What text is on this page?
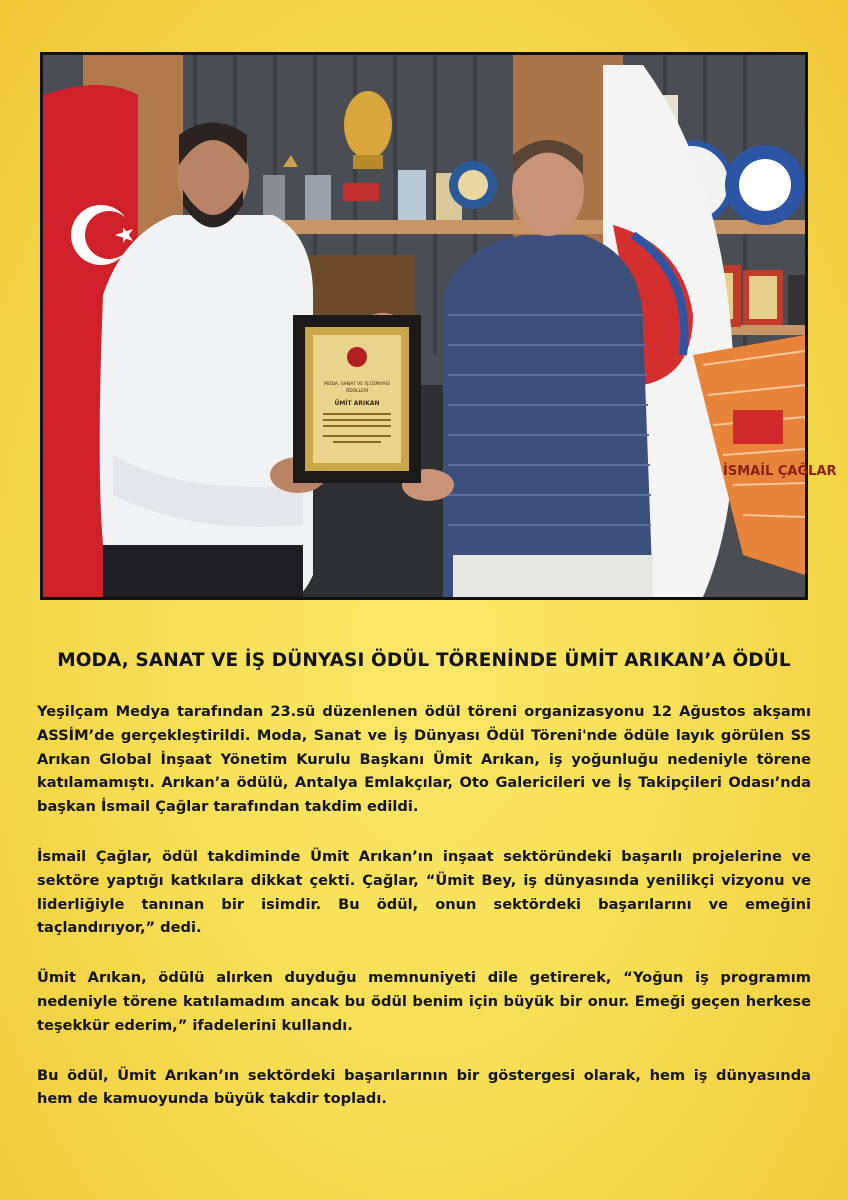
İSMAİL ÇAĞLAR
MODA, SANAT VE İŞ DÜNYASI
ÖDÜLLERİ
ÜMİT ARIKAN
MODA, SANAT VE İŞ DÜNYASI ÖDÜL TÖRENİNDE ÜMİT ARIKAN’A ÖDÜL

Yeşilçam Medya tarafından 23.sü düzenlenen ödül töreni organizasyonu 12 Ağustos akşamı ASSİM’de gerçekleştirildi. Moda, Sanat ve İş Dünyası Ödül Töreni'nde ödüle layık görülen SS Arıkan Global İnşaat Yönetim Kurulu Başkanı Ümit Arıkan, iş yoğunluğu nedeniyle törene katılamamıştı. Arıkan’a ödülü, Antalya Emlakçılar, Oto Galericileri ve İş Takipçileri Odası’nda başkan İsmail Çağlar tarafından takdim edildi.

İsmail Çağlar, ödül takdiminde Ümit Arıkan’ın inşaat sektöründeki başarılı projelerine ve sektöre yaptığı katkılara dikkat çekti. Çağlar, “Ümit Bey, iş dünyasında yenilikçi vizyonu ve liderliğiyle tanınan bir isimdir. Bu ödül, onun sektördeki başarılarını ve emeğini taçlandırıyor,” dedi.

Ümit Arıkan, ödülü alırken duyduğu memnuniyeti dile getirerek, “Yoğun iş programım nedeniyle törene katılamadım ancak bu ödül benim için büyük bir onur. Emeği geçen herkese teşekkür ederim,” ifadelerini kullandı.

Bu ödül, Ümit Arıkan’ın sektördeki başarılarının bir göstergesi olarak, hem iş dünyasında hem de kamuoyunda büyük takdir topladı.
